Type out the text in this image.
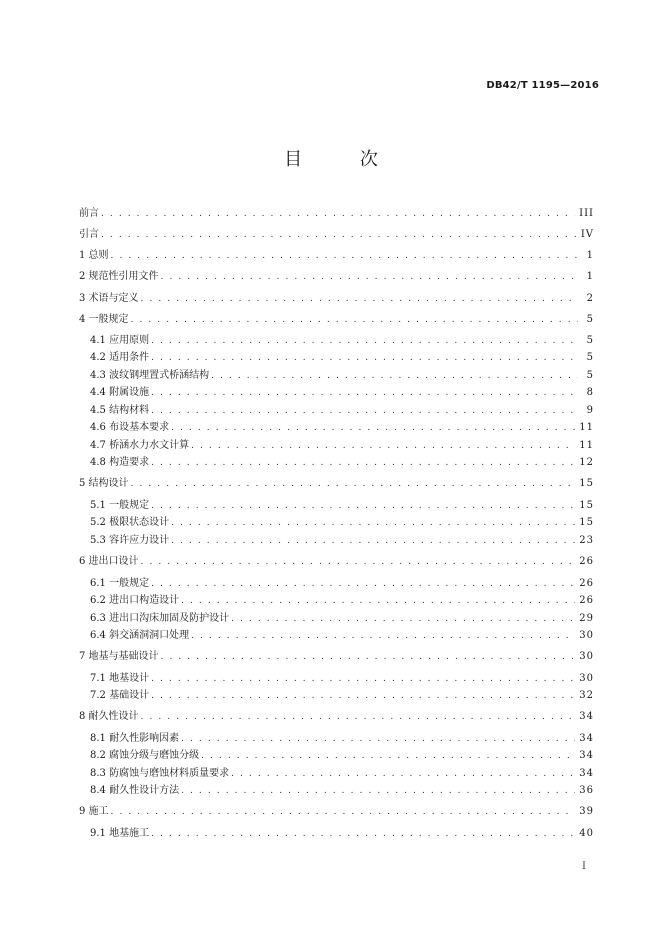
DB42/T 1195—2016
目 次
前言 . . .	III
引言 . . .	IV
1 总则 . . .	1
2 规范性引用文件 . . .	1
3 术语与定义 . . .	2
4 一般规定 . . .	5
4.1 应用原则 . . .	5
4.2 适用条件 . . .	5
4.3 波纹钢埋置式桥涵结构 . . .	5
4.4 附属设施 . . .	8
4.5 结构材料 . . .	9
4.6 布设基本要求 . . .	11
4.7 桥涵水力水文计算 . . .	11
4.8 构造要求 . . .	12
5 结构设计 . . .	15
5.1 一般规定 . . .	15
5.2 极限状态设计 . . .	15
5.3 容许应力设计 . . .	23
6 进出口设计 . . .	26
6.1 一般规定 . . .	26
6.2 进出口构造设计 . . .	26
6.3 进出口沟床加固及防护设计 . . .	29
6.4 斜交涵洞洞口处理 . . .	30
7 地基与基础设计 . . .	30
7.1 地基设计 . . .	30
7.2 基础设计 . . .	32
8 耐久性设计 . . .	34
8.1 耐久性影响因素 . . .	34
8.2 腐蚀分级与磨蚀分级 . . .	34
8.3 防腐蚀与磨蚀材料质量要求 . . .	34
8.4 耐久性设计方法 . . .	36
9 施工 . . .	39
9.1 地基施工 . . .	40
I
